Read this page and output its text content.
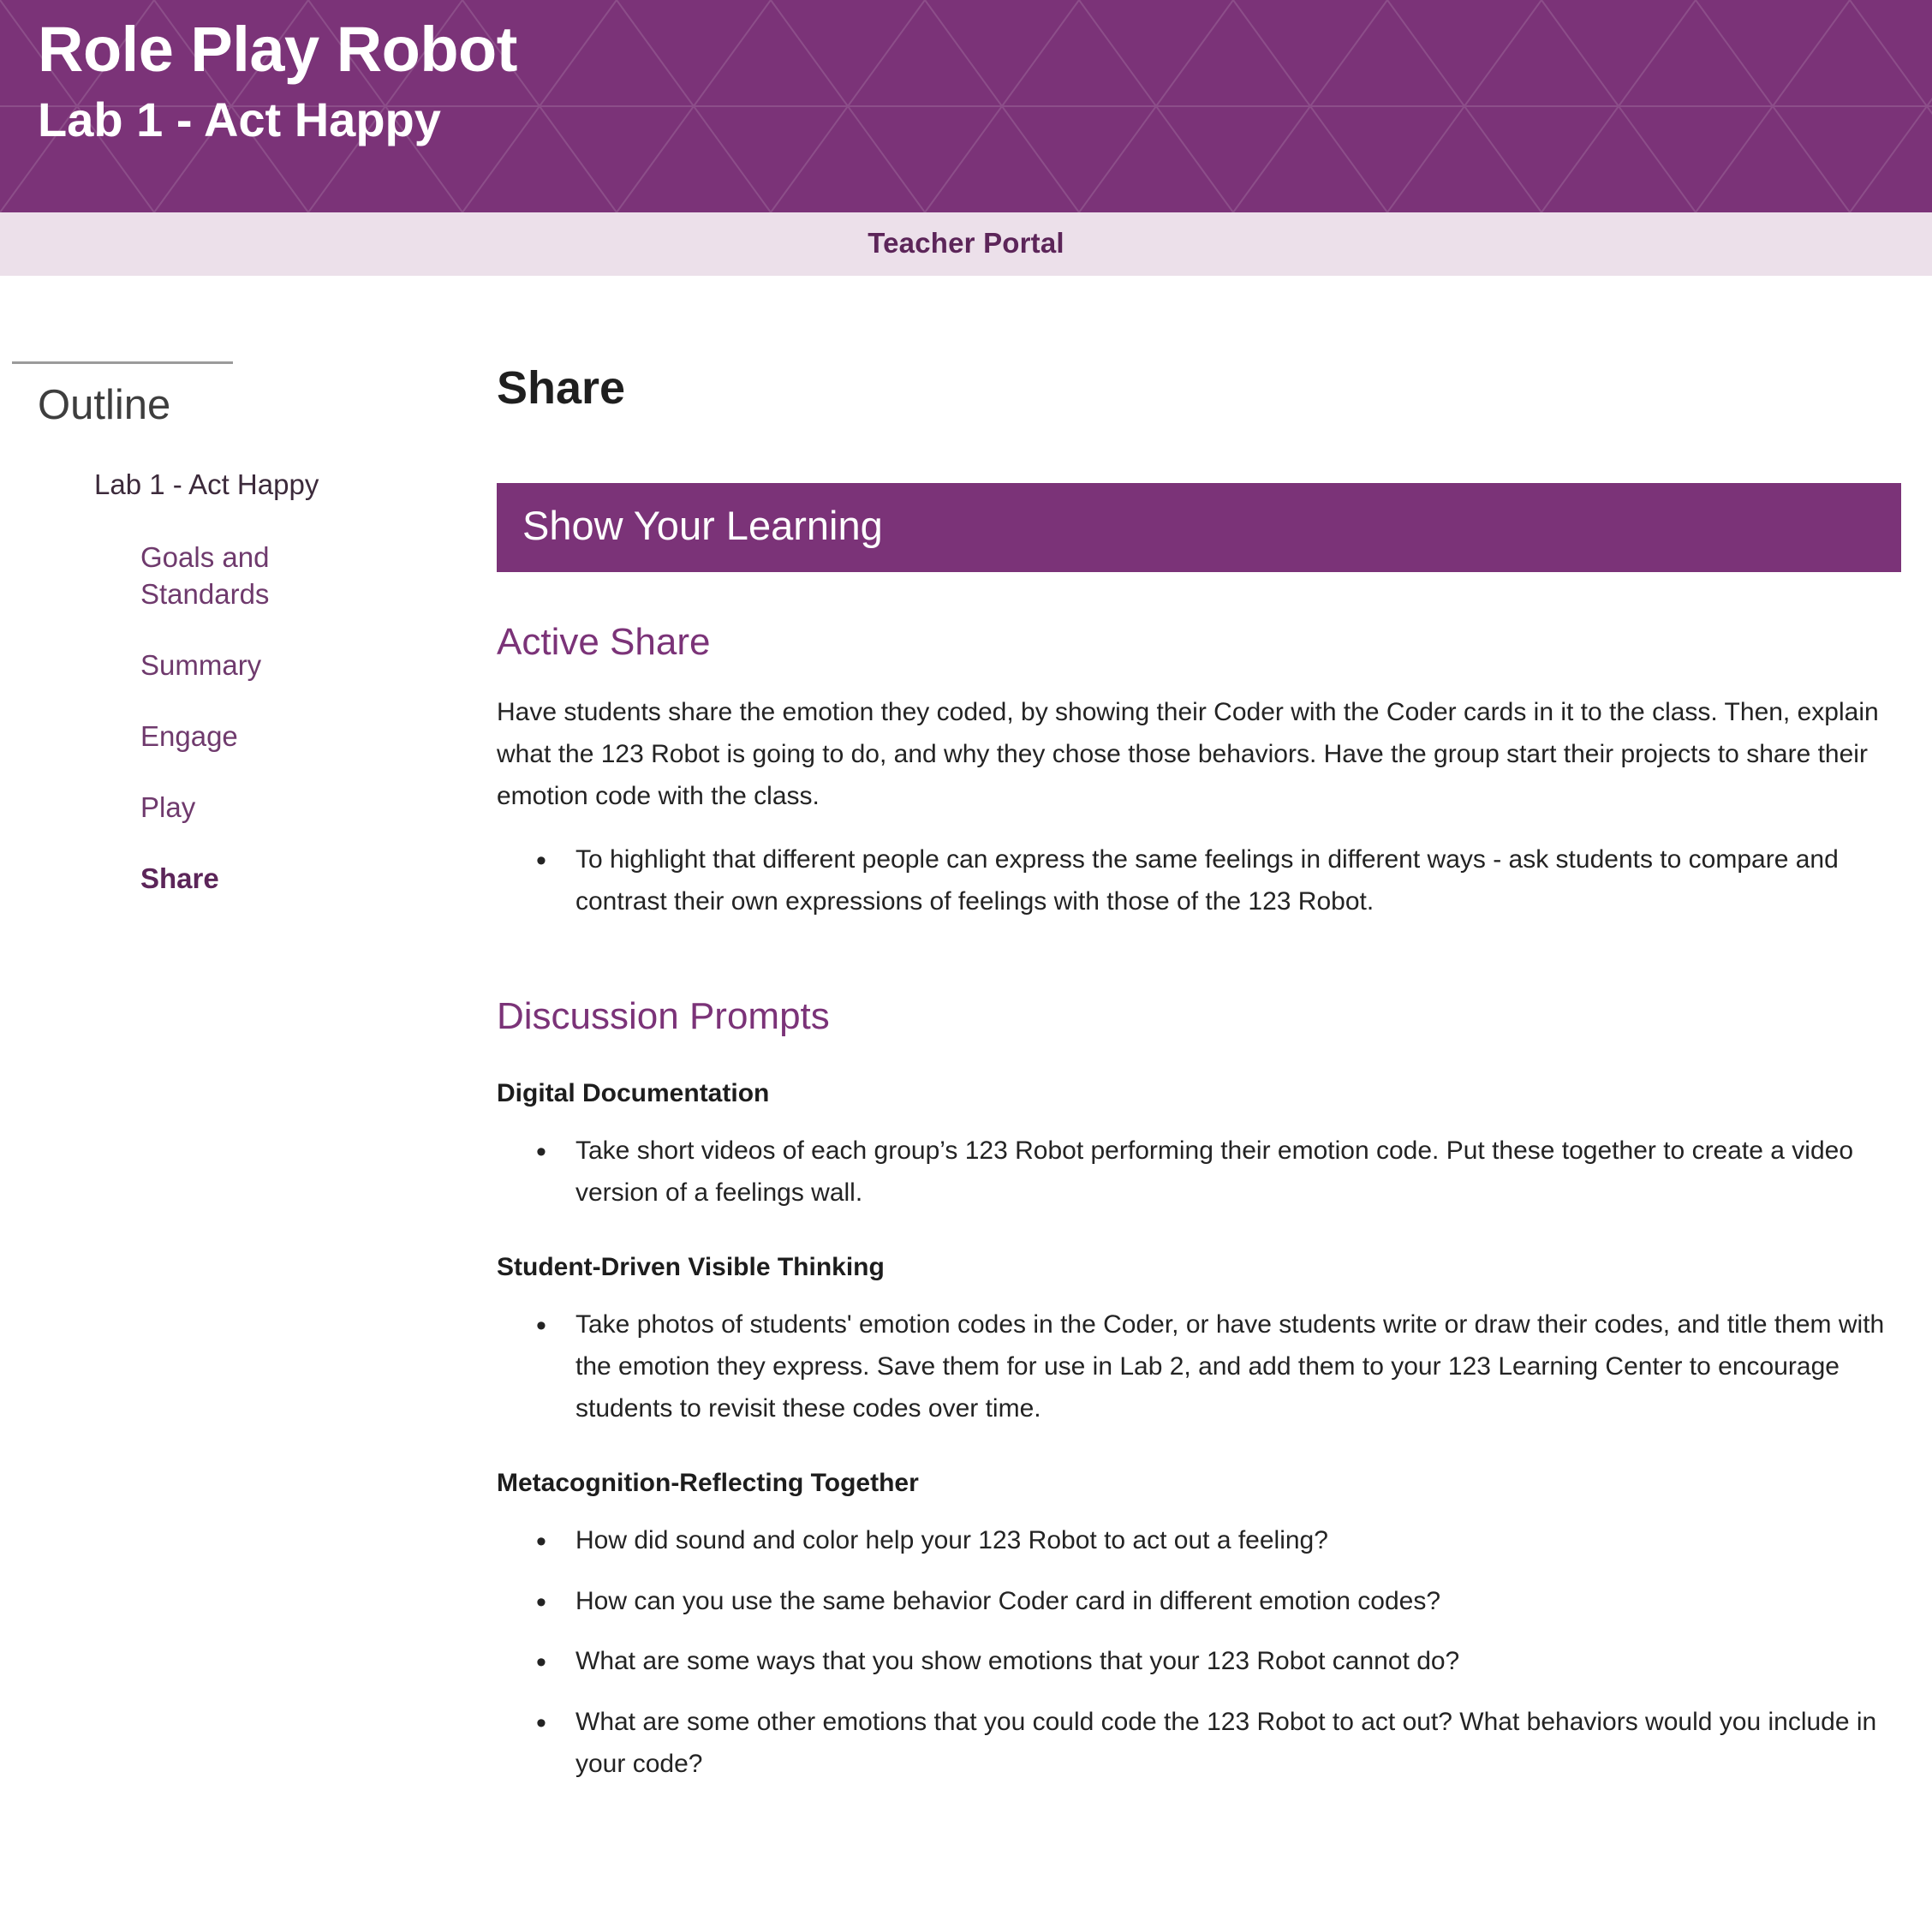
Role Play Robot
Lab 1 - Act Happy
Teacher Portal
Outline
Lab 1 - Act Happy
Goals and Standards
Summary
Engage
Play
Share
Share
Show Your Learning
Active Share

Have students share the emotion they coded, by showing their Coder with the Coder cards in it to the class. Then, explain what the 123 Robot is going to do, and why they chose those behaviors. Have the group start their projects to share their emotion code with the class.

• To highlight that different people can express the same feelings in different ways - ask students to compare and contrast their own expressions of feelings with those of the 123 Robot.
Discussion Prompts
Digital Documentation
• Take short videos of each group’s 123 Robot performing their emotion code. Put these together to create a video version of a feelings wall.
Student-Driven Visible Thinking
• Take photos of students' emotion codes in the Coder, or have students write or draw their codes, and title them with the emotion they express. Save them for use in Lab 2, and add them to your 123 Learning Center to encourage students to revisit these codes over time.
Metacognition-Reflecting Together
• How did sound and color help your 123 Robot to act out a feeling?
• How can you use the same behavior Coder card in different emotion codes?
• What are some ways that you show emotions that your 123 Robot cannot do?
• What are some other emotions that you could code the 123 Robot to act out? What behaviors would you include in your code?
